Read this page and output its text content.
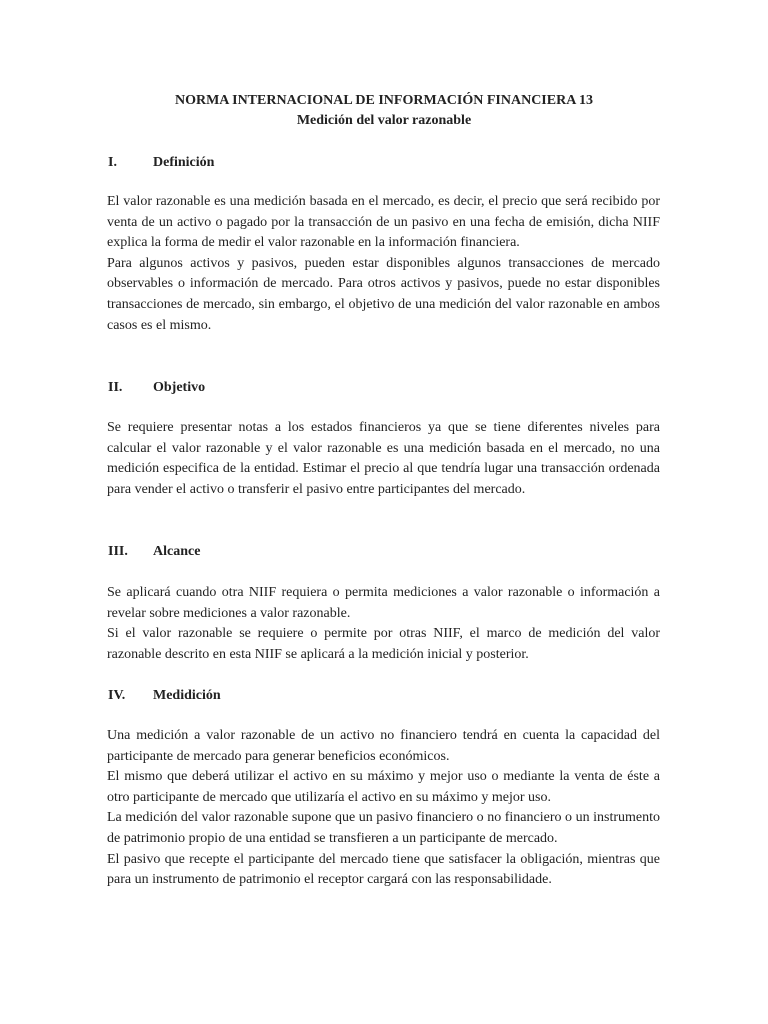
NORMA INTERNACIONAL DE INFORMACIÓN FINANCIERA 13
Medición del valor razonable
I.	Definición

El valor razonable es una medición basada en el mercado, es decir, el precio que será recibido por venta de un activo o pagado por la transacción de un pasivo en una fecha de emisión, dicha NIIF explica la forma de medir el valor razonable en la información financiera.

Para algunos activos y pasivos, pueden estar disponibles algunos transacciones de mercado observables o información de mercado. Para otros activos y pasivos, puede no estar disponibles transacciones de mercado, sin embargo, el objetivo de una medición del valor razonable en ambos casos es el mismo.

II. Objetivo

Se requiere presentar notas a los estados financieros ya que se tiene diferentes niveles para calcular el valor razonable y el valor razonable es una medición basada en el mercado, no una medición especifica de la entidad. Estimar el precio al que tendría lugar una transacción ordenada para vender el activo o transferir el pasivo entre participantes del mercado.

III. Alcance

Se aplicará cuando otra NIIF requiera o permita mediciones a valor razonable o información a revelar sobre mediciones a valor razonable.

Si el valor razonable se requiere o permite por otras NIIF, el marco de medición del valor razonable descrito en esta NIIF se aplicará a la medición inicial y posterior.

IV. Medidición

Una medición a valor razonable de un activo no financiero tendrá en cuenta la capacidad del participante de mercado para generar beneficios económicos.

El mismo que deberá utilizar el activo en su máximo y mejor uso o mediante la venta de éste a otro participante de mercado que utilizaría el activo en su máximo y mejor uso.

La medición del valor razonable supone que un pasivo financiero o no financiero o un instrumento de patrimonio propio de una entidad se transfieren a un participante de mercado.

El pasivo que recepte el participante del mercado tiene que satisfacer la obligación, mientras que para un instrumento de patrimonio el receptor cargará con las responsabilidade.
